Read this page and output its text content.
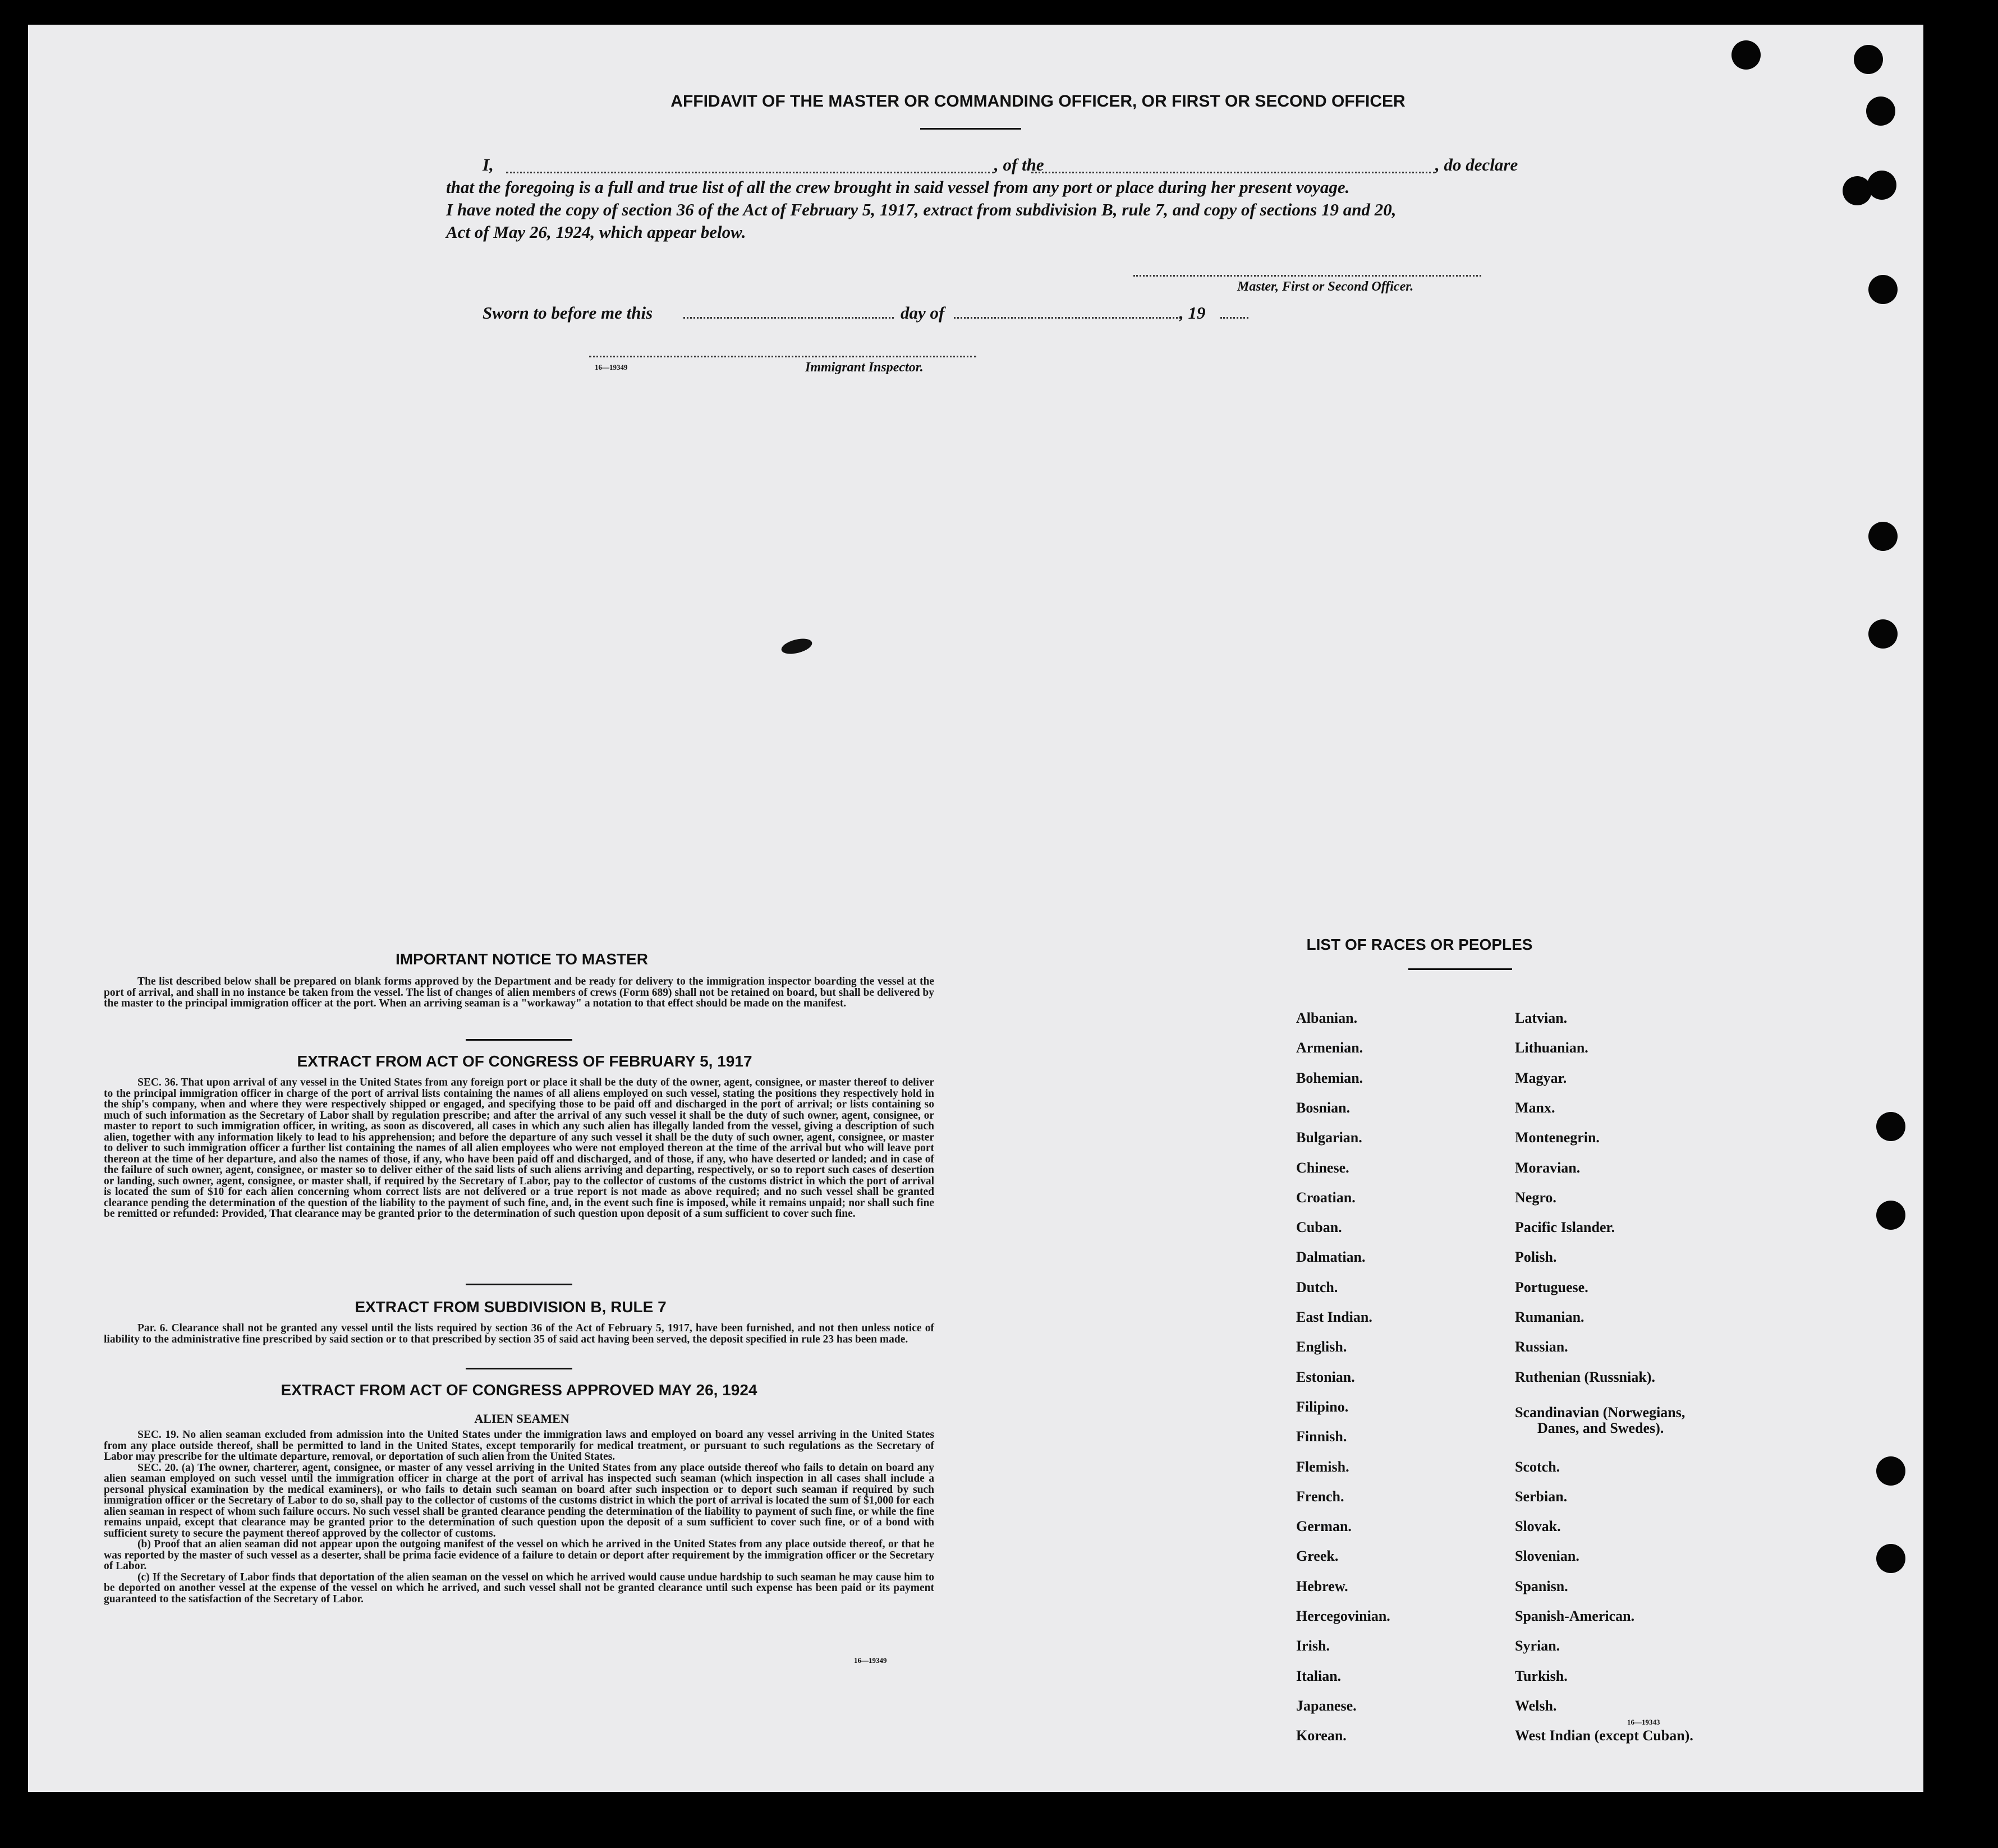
AFFIDAVIT OF THE MASTER OR COMMANDING OFFICER, OR FIRST OR SECOND OFFICER
I,	, of the	, do declare
that the foregoing is a full and true list of all the crew brought in said vessel from any port or place during her present voyage.
I have noted the copy of section 36 of the Act of February 5, 1917, extract from subdivision B, rule 7, and copy of sections 19 and 20,
Act of May 26, 1924, which appear below.
Master, First or Second Officer.
Sworn to before me this	day of	, 19
16—19349	Immigrant Inspector.
IMPORTANT NOTICE TO MASTER

The list described below shall be prepared on blank forms approved by the Department and be ready for delivery to the immigration inspector boarding the vessel at the port of arrival, and shall in no instance be taken from the vessel. The list of changes of alien members of crews (Form 689) shall not be retained on board, but shall be delivered by the master to the principal immigration officer at the port. When an arriving seaman is a "workaway" a notation to that effect should be made on the manifest.

EXTRACT FROM ACT OF CONGRESS OF FEBRUARY 5, 1917

SEC. 36. That upon arrival of any vessel in the United States from any foreign port or place it shall be the duty of the owner, agent, consignee, or master thereof to deliver to the principal immigration officer in charge of the port of arrival lists containing the names of all aliens employed on such vessel, stating the positions they respectively hold in the ship's company, when and where they were respectively shipped or engaged, and specifying those to be paid off and discharged in the port of arrival; or lists containing so much of such information as the Secretary of Labor shall by regulation prescribe; and after the arrival of any such vessel it shall be the duty of such owner, agent, consignee, or master to report to such immigration officer, in writing, as soon as discovered, all cases in which any such alien has illegally landed from the vessel, giving a description of such alien, together with any information likely to lead to his apprehension; and before the departure of any such vessel it shall be the duty of such owner, agent, consignee, or master to deliver to such immigration officer a further list containing the names of all alien employees who were not employed thereon at the time of the arrival but who will leave port thereon at the time of her departure, and also the names of those, if any, who have been paid off and discharged, and of those, if any, who have deserted or landed; and in case of the failure of such owner, agent, consignee, or master so to deliver either of the said lists of such aliens arriving and departing, respectively, or so to report such cases of desertion or landing, such owner, agent, consignee, or master shall, if required by the Secretary of Labor, pay to the collector of customs of the customs district in which the port of arrival is located the sum of $10 for each alien concerning whom correct lists are not delivered or a true report is not made as above required; and no such vessel shall be granted clearance pending the determination of the question of the liability to the payment of such fine, and, in the event such fine is imposed, while it remains unpaid; nor shall such fine be remitted or refunded: Provided, That clearance may be granted prior to the determination of such question upon deposit of a sum sufficient to cover such fine.

EXTRACT FROM SUBDIVISION B, RULE 7

Par. 6. Clearance shall not be granted any vessel until the lists required by section 36 of the Act of February 5, 1917, have been furnished, and not then unless notice of liability to the administrative fine prescribed by said section or to that prescribed by section 35 of said act having been served, the deposit specified in rule 23 has been made.

EXTRACT FROM ACT OF CONGRESS APPROVED MAY 26, 1924
ALIEN SEAMEN

SEC. 19. No alien seaman excluded from admission into the United States under the immigration laws and employed on board any vessel arriving in the United States from any place outside thereof, shall be permitted to land in the United States, except temporarily for medical treatment, or pursuant to such regulations as the Secretary of Labor may prescribe for the ultimate departure, removal, or deportation of such alien from the United States.

SEC. 20. (a) The owner, charterer, agent, consignee, or master of any vessel arriving in the United States from any place outside thereof who fails to detain on board any alien seaman employed on such vessel until the immigration officer in charge at the port of arrival has inspected such seaman (which inspection in all cases shall include a personal physical examination by the medical examiners), or who fails to detain such seaman on board after such inspection or to deport such seaman if required by such immigration officer or the Secretary of Labor to do so, shall pay to the collector of customs of the customs district in which the port of arrival is located the sum of $1,000 for each alien seaman in respect of whom such failure occurs. No such vessel shall be granted clearance pending the determination of the liability to payment of such fine, or while the fine remains unpaid, except that clearance may be granted prior to the determination of such question upon the deposit of a sum sufficient to cover such fine, or of a bond with sufficient surety to secure the payment thereof approved by the collector of customs.

(b) Proof that an alien seaman did not appear upon the outgoing manifest of the vessel on which he arrived in the United States from any place outside thereof, or that he was reported by the master of such vessel as a deserter, shall be prima facie evidence of a failure to detain or deport after requirement by the immigration officer or the Secretary of Labor.

(c) If the Secretary of Labor finds that deportation of the alien seaman on the vessel on which he arrived would cause undue hardship to such seaman he may cause him to be deported on another vessel at the expense of the vessel on which he arrived, and such vessel shall not be granted clearance until such expense has been paid or its payment guaranteed to the satisfaction of the Secretary of Labor.

16—19349
LIST OF RACES OR PEOPLES
Albanian.
Armenian.
Bohemian.
Bosnian.
Bulgarian.
Chinese.
Croatian.
Cuban.
Dalmatian.
Dutch.
East Indian.
English.
Estonian.
Filipino.
Finnish.
Flemish.
French.
German.
Greek.
Hebrew.
Hercegovinian.
Irish.
Italian.
Japanese.
Korean.
Latvian.
Lithuanian.
Magyar.
Manx.
Montenegrin.
Moravian.
Negro.
Pacific Islander.
Polish.
Portuguese.
Rumanian.
Russian.
Ruthenian (Russniak).
Scandinavian (Norwegians,
Danes, and Swedes).
Scotch.
Serbian.
Slovak.
Slovenian.
Spanisn.
Spanish-American.
Syrian.
Turkish.
Welsh.
West Indian (except Cuban).
16—19343
